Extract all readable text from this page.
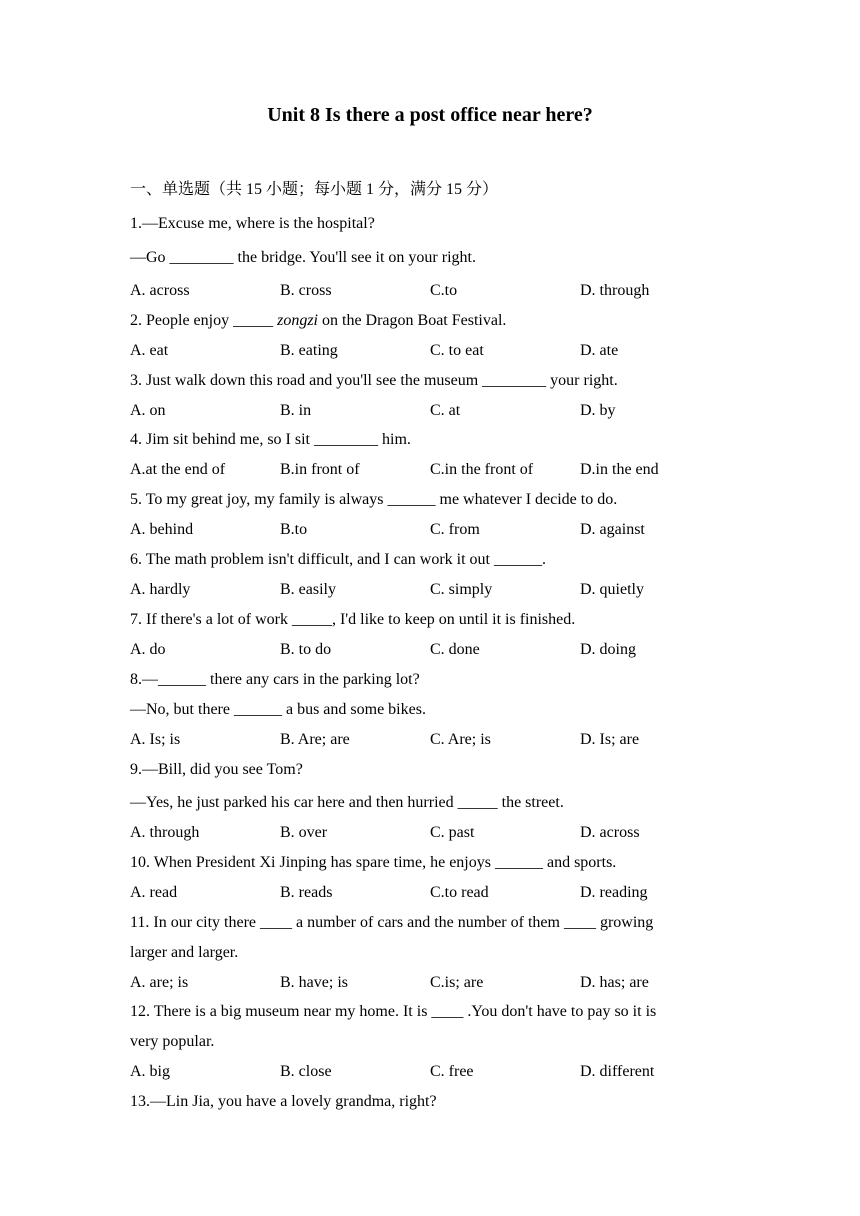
Unit 8 Is there a post office near here?
一、单选题（共 15 小题；每小题 1 分，满分 15 分）
1.—Excuse me, where is the hospital?
—Go ________ the bridge. You'll see it on your right.
A. across	B. cross	C.to	D. through
2. People enjoy _____ zongzi on the Dragon Boat Festival.
A. eat	B. eating	C. to eat	D. ate
3. Just walk down this road and you'll see the museum ________ your right.
A. on	B. in	C. at	D. by
4. Jim sit behind me, so I sit ________ him.
A.at the end of	B.in front of	C.in the front of	D.in the end
5. To my great joy, my family is always ______ me whatever I decide to do.
A. behind	B.to	C. from	D. against
6. The math problem isn't difficult, and I can work it out ______.
A. hardly	B. easily	C. simply	D. quietly
7. If there's a lot of work _____, I'd like to keep on until it is finished.
A. do	B. to do	C. done	D. doing
8.—______ there any cars in the parking lot?
—No, but there ______ a bus and some bikes.
A. Is; is	B. Are; are	C. Are; is	D. Is; are
9.—Bill, did you see Tom?
—Yes, he just parked his car here and then hurried _____ the street.
A. through	B. over	C. past	D. across
10. When President Xi Jinping has spare time, he enjoys ______ and sports.
A. read	B. reads	C.to read	D. reading
11. In our city there ____ a number of cars and the number of them ____ growing
larger and larger.
A. are; is	B. have; is	C.is; are	D. has; are
12. There is a big museum near my home. It is ____ .You don't have to pay so it is
very popular.
A. big	B. close	C. free	D. different
13.—Lin Jia, you have a lovely grandma, right?
